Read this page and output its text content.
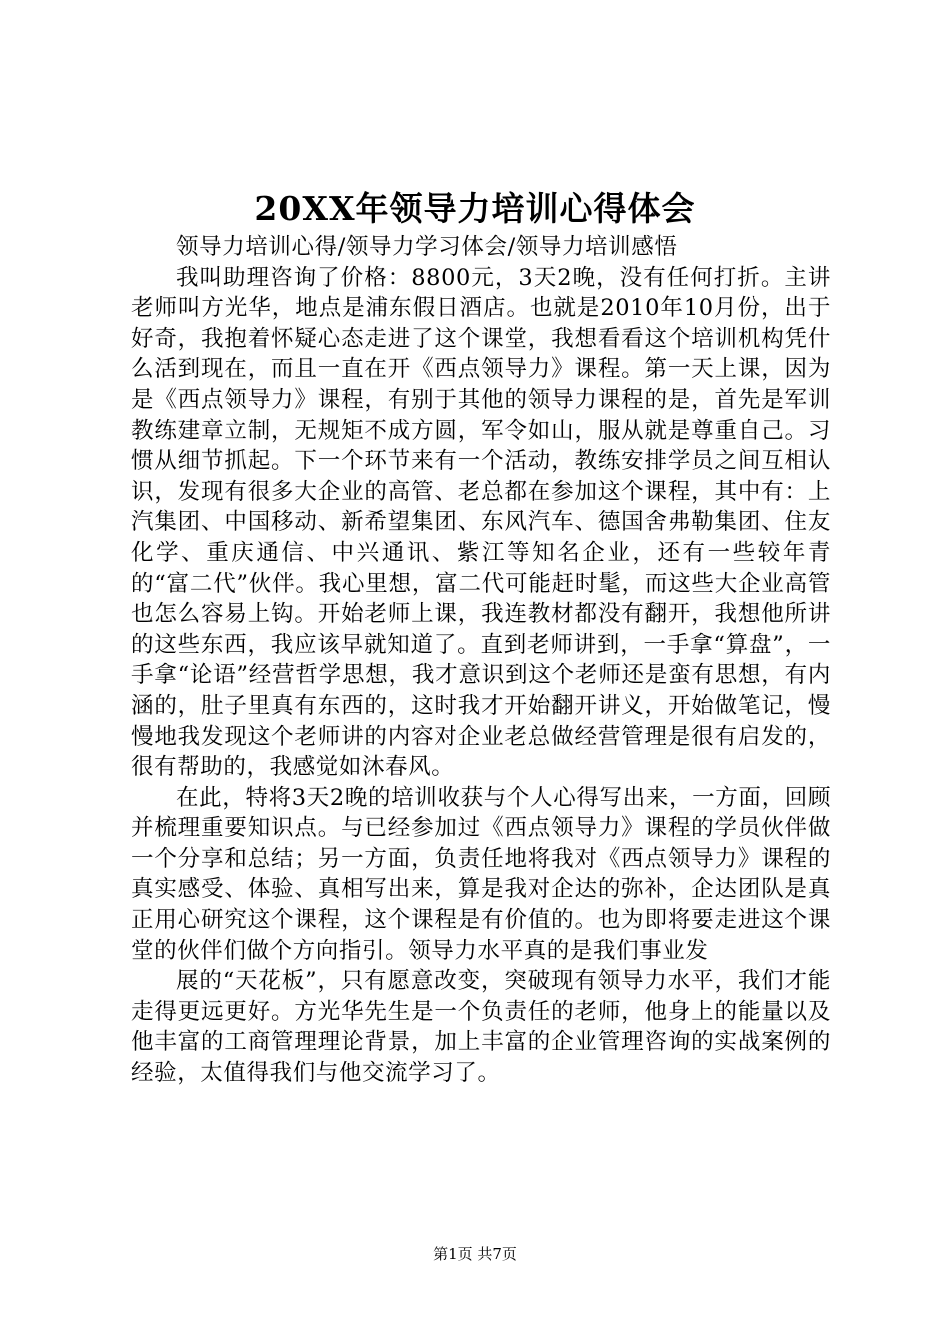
20XX年领导力培训心得体会

领导力培训心得/领导力学习体会/领导力培训感悟

我叫助理咨询了价格：8800元，3天2晚，没有任何打折。主讲老师叫方光华，地点是浦东假日酒店。也就是2010年10月份，出于好奇，我抱着怀疑心态走进了这个课堂，我想看看这个培训机构凭什么活到现在，而且一直在开《西点领导力》课程。第一天上课，因为是《西点领导力》课程，有别于其他的领导力课程的是，首先是军训教练建章立制，无规矩不成方圆，军令如山，服从就是尊重自己。习惯从细节抓起。下一个环节来有一个活动，教练安排学员之间互相认识，发现有很多大企业的高管、老总都在参加这个课程，其中有：上汽集团、中国移动、新希望集团、东风汽车、德国舍弗勒集团、住友化学、重庆通信、中兴通讯、紫江等知名企业，还有一些较年青的“富二代”伙伴。我心里想，富二代可能赶时髦，而这些大企业高管也怎么容易上钩。开始老师上课，我连教材都没有翻开，我想他所讲的这些东西，我应该早就知道了。直到老师讲到，一手拿“算盘”，一手拿“论语”经营哲学思想，我才意识到这个老师还是蛮有思想，有内涵的，肚子里真有东西的，这时我才开始翻开讲义，开始做笔记，慢慢地我发现这个老师讲的内容对企业老总做经营管理是很有启发的，很有帮助的，我感觉如沐春风。

在此，特将3天2晚的培训收获与个人心得写出来，一方面，回顾并梳理重要知识点。与已经参加过《西点领导力》课程的学员伙伴做一个分享和总结；另一方面，负责任地将我对《西点领导力》课程的真实感受、体验、真相写出来，算是我对企达的弥补，企达团队是真正用心研究这个课程，这个课程是有价值的。也为即将要走进这个课堂的伙伴们做个方向指引。领导力水平真的是我们事业发

展的“天花板”，只有愿意改变，突破现有领导力水平，我们才能走得更远更好。方光华先生是一个负责任的老师，他身上的能量以及他丰富的工商管理理论背景，加上丰富的企业管理咨询的实战案例的经验，太值得我们与他交流学习了。

第1页 共7页
